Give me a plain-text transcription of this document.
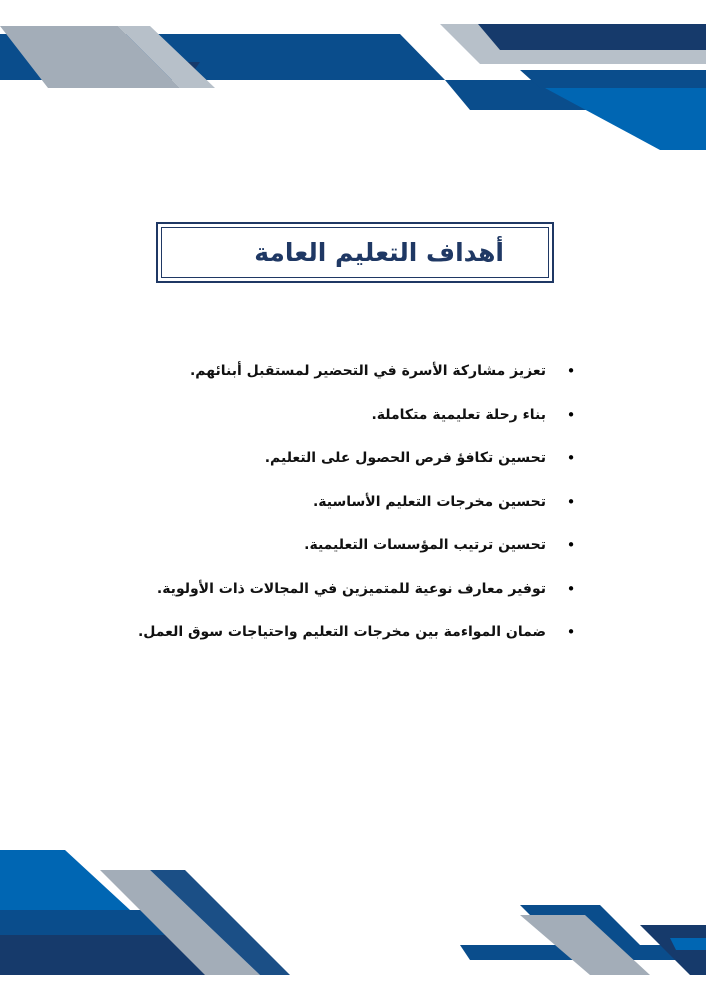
أهداف التعليم العامة
•
تعزيز مشاركة الأسرة في التحضير لمستقبل أبنائهم.
•
بناء رحلة تعليمية متكاملة.
•
تحسين تكافؤ فرص الحصول على التعليم.
•
تحسين مخرجات التعليم الأساسية.
•
تحسين ترتيب المؤسسات التعليمية.
•
توفير معارف نوعية للمتميزين في المجالات ذات الأولوية.
•
ضمان المواءمة بين مخرجات التعليم واحتياجات سوق العمل.
